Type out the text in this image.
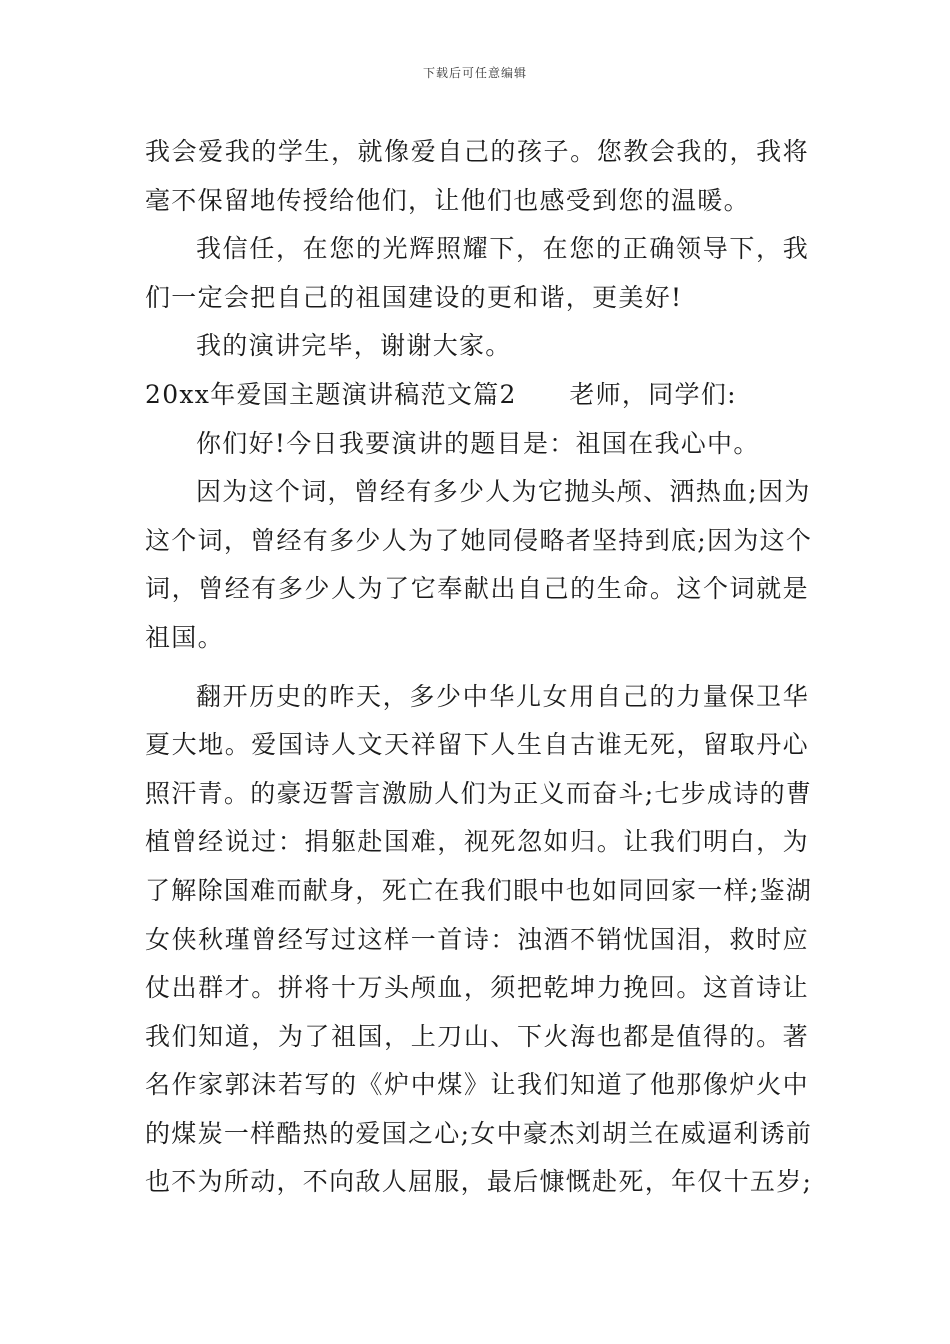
下载后可任意编辑
我会爱我的学生，就像爱自己的孩子。您教会我的，我将
毫不保留地传授给他们，让他们也感受到您的温暖。
我信任，在您的光辉照耀下，在您的正确领导下，我
们一定会把自己的祖国建设的更和谐，更美好!
我的演讲完毕，谢谢大家。
20xx年爱国主题演讲稿范文篇2　　老师，同学们:
你们好!今日我要演讲的题目是：祖国在我心中。
因为这个词，曾经有多少人为它抛头颅、洒热血;因为
这个词，曾经有多少人为了她同侵略者坚持到底;因为这个
词，曾经有多少人为了它奉献出自己的生命。这个词就是
祖国。
翻开历史的昨天，多少中华儿女用自己的力量保卫华
夏大地。爱国诗人文天祥留下人生自古谁无死，留取丹心
照汗青。的豪迈誓言激励人们为正义而奋斗;七步成诗的曹
植曾经说过：捐躯赴国难，视死忽如归。让我们明白，为
了解除国难而献身，死亡在我们眼中也如同回家一样;鉴湖
女侠秋瑾曾经写过这样一首诗：浊酒不销忧国泪，救时应
仗出群才。拼将十万头颅血，须把乾坤力挽回。这首诗让
我们知道，为了祖国，上刀山、下火海也都是值得的。著
名作家郭沫若写的《炉中煤》让我们知道了他那像炉火中
的煤炭一样酷热的爱国之心;女中豪杰刘胡兰在威逼利诱前
也不为所动，不向敌人屈服，最后慷慨赴死，年仅十五岁;
